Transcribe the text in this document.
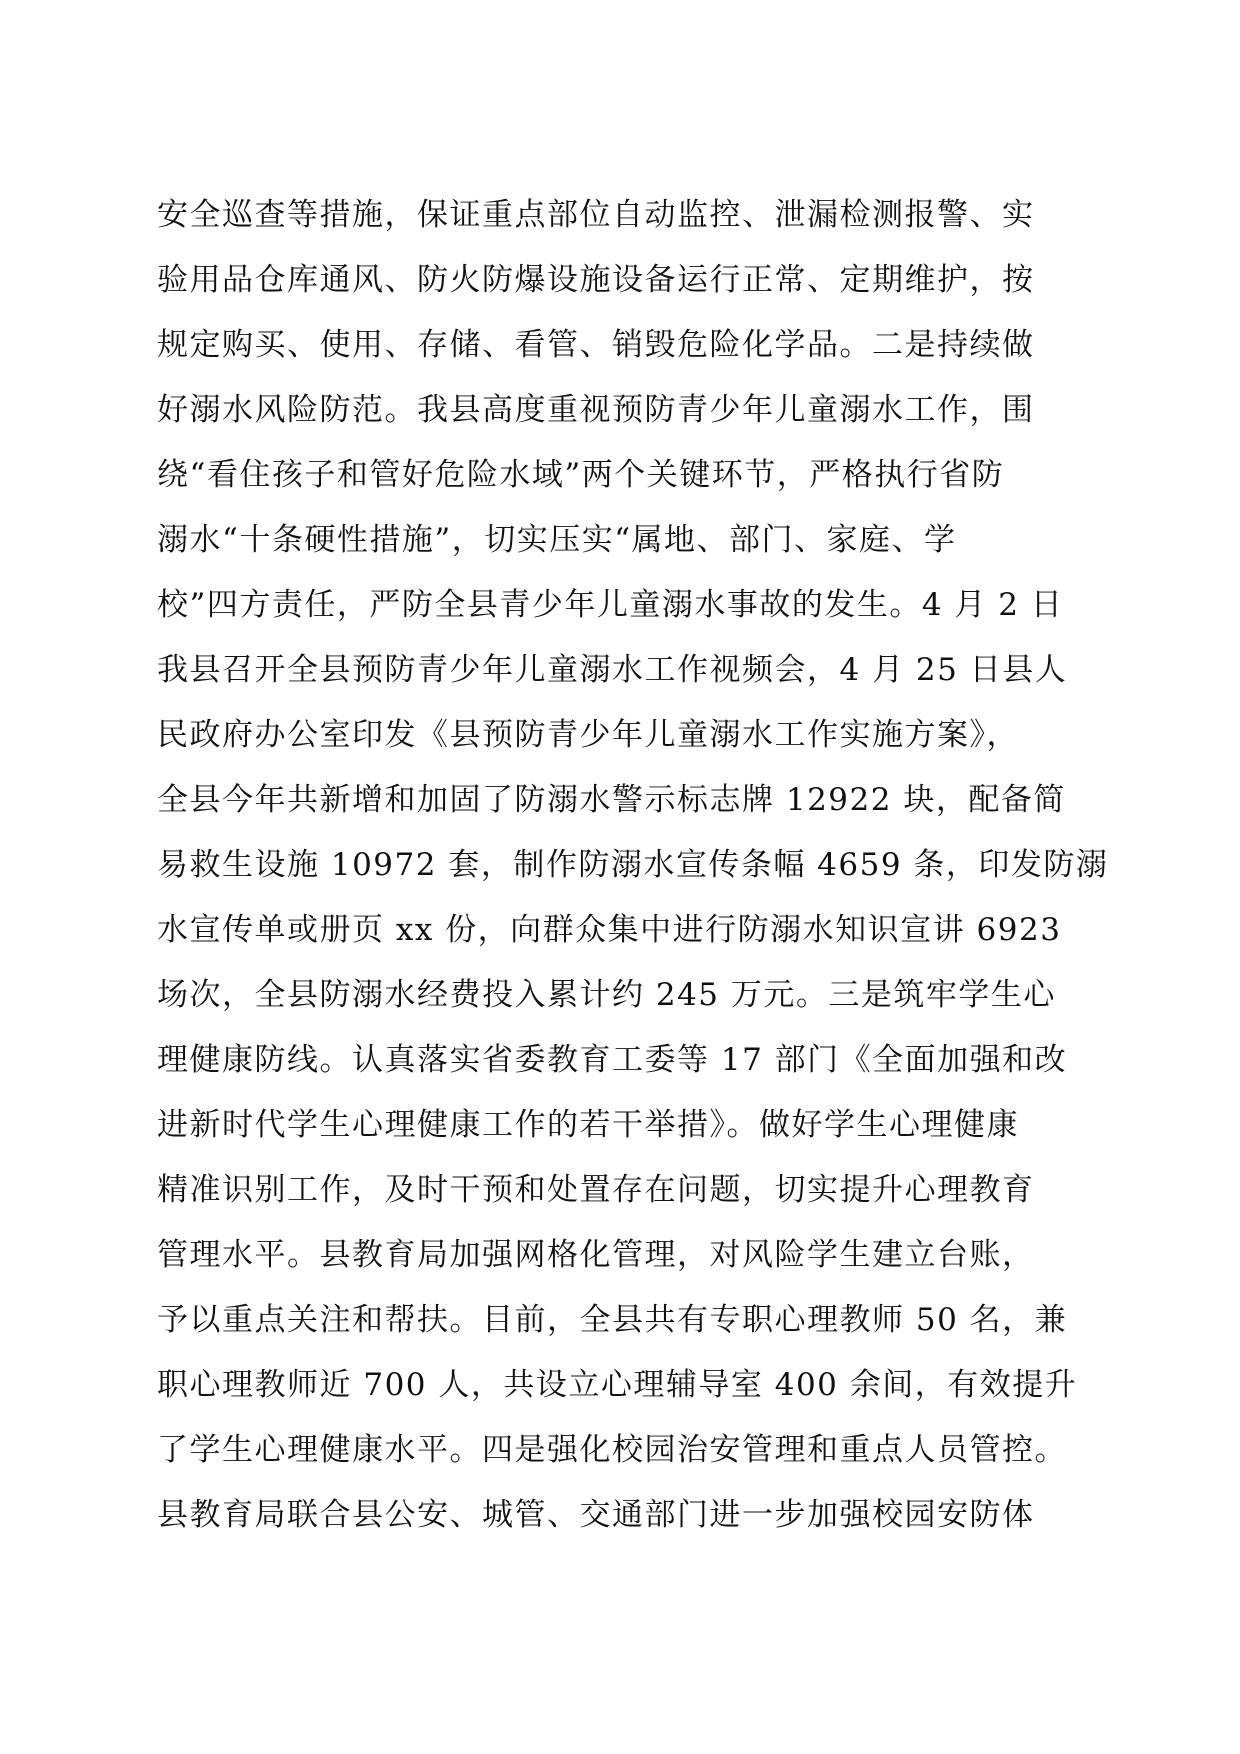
安全巡查等措施，保证重点部位自动监控、泄漏检测报警、实
验用品仓库通风、防火防爆设施设备运行正常、定期维护，按
规定购买、使用、存储、看管、销毁危险化学品。二是持续做
好溺水风险防范。我县高度重视预防青少年儿童溺水工作，围
绕“看住孩子和管好危险水域”两个关键环节，严格执行省防
溺水“十条硬性措施”，切实压实“属地、部门、家庭、学
校”四方责任，严防全县青少年儿童溺水事故的发生。4 月 2 日
我县召开全县预防青少年儿童溺水工作视频会，4 月 25 日县人
民政府办公室印发《县预防青少年儿童溺水工作实施方案》，
全县今年共新增和加固了防溺水警示标志牌 12922 块，配备简
易救生设施 10972 套，制作防溺水宣传条幅 4659 条，印发防溺
水宣传单或册页 xx 份，向群众集中进行防溺水知识宣讲 6923
场次，全县防溺水经费投入累计约 245 万元。三是筑牢学生心
理健康防线。认真落实省委教育工委等 17 部门《全面加强和改
进新时代学生心理健康工作的若干举措》。做好学生心理健康
精准识别工作，及时干预和处置存在问题，切实提升心理教育
管理水平。县教育局加强网格化管理，对风险学生建立台账，
予以重点关注和帮扶。目前，全县共有专职心理教师 50 名，兼
职心理教师近 700 人，共设立心理辅导室 400 余间，有效提升
了学生心理健康水平。四是强化校园治安管理和重点人员管控。
县教育局联合县公安、城管、交通部门进一步加强校园安防体
